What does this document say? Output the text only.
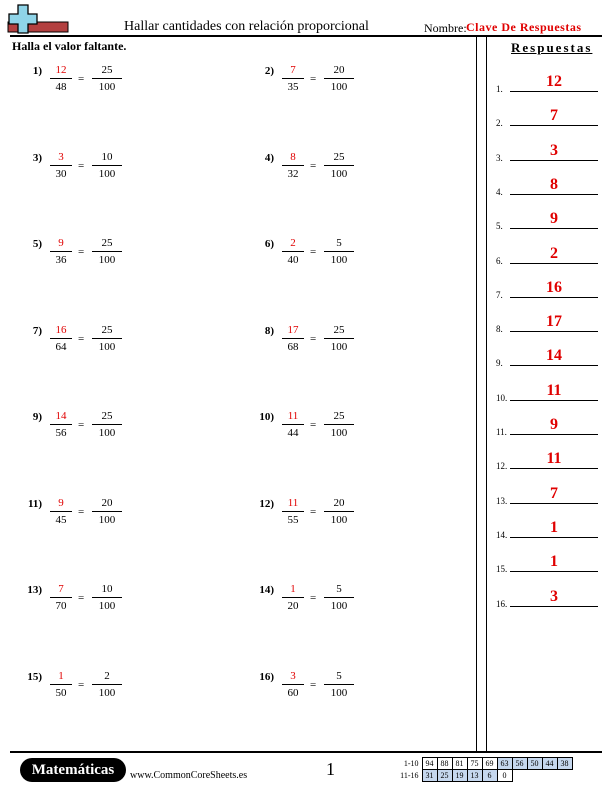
Hallar cantidades con relación proporcional	Nombre: Clave De Respuestas
Halla el valor faltante.
1)	12
48
=
25
100
2)	7
35
=
20
100
3)	3
30
=
10
100
4)	8
32
=
25
100
5)	9
36
=
25
100
6)	2
40
=
5
100
7)	16
64
=
25
100
8)	17
68
=
25
100
9)	14
56
=
25
100
10)	11
44
=
25
100
11)	9
45
=
20
100
12)	11
55
=
20
100
13)	7
70
=
10
100
14)	1
20
=
5
100
15)	1
50
=
2
100
16)	3
60
=
5
100
Respuestas
1.	12
2.	7
3.	3
4.	8
5.	9
6.	2
7.	16
8.	17
9.	14
10.	11
11.	9
12.	11
13.	7
14.	1
15.	1
16.	3
Matemáticas	www.CommonCoreSheets.es	1	1-10	94	88	81	75	69	63	56	50	44	38
11-16	31	25	19	13	6	0				
